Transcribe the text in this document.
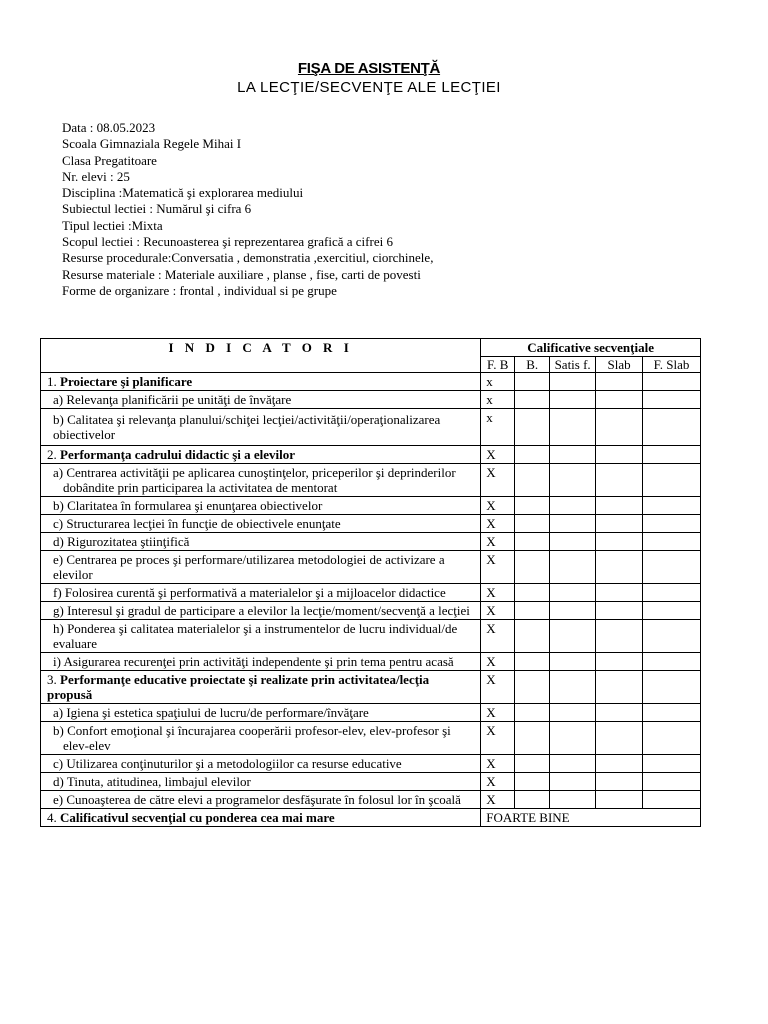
FIŞA DE ASISTENŢĂ
LA LECŢIE/SECVENŢE ALE LECŢIEI
Data : 08.05.2023
Scoala Gimnaziala Regele Mihai I
Clasa Pregatitoare
Nr. elevi : 25
Disciplina :Matematică şi explorarea mediului
Subiectul lectiei : Numărul şi cifra 6
Tipul lectiei :Mixta
Scopul lectiei : Recunoasterea şi reprezentarea grafică a cifrei 6
Resurse procedurale:Conversatia , demonstratia ,exercitiul, ciorchinele,
Resurse materiale : Materiale auxiliare , planse , fise, carti de povesti
Forme de organizare : frontal , individual si pe grupe
I N D I C A T O R I	Calificative secvenţiale				
	F. B	B.	Satis f.	Slab	F. Slab
1. Proiectare şi planificare	x				
a) Relevanţa planificării pe unităţi de învăţare	x				
b) Calitatea şi relevanţa planului/schiţei lecţiei/activităţii/operaţionalizarea obiectivelor	x				
2. Performanţa cadrului didactic şi a elevilor	X				
a) Centrarea activităţii pe aplicarea cunoştinţelor, priceperilor şi deprinderilor dobândite prin participarea la activitatea de mentorat	X				
b) Claritatea în formularea şi enunţarea obiectivelor	X				
c) Structurarea lecţiei în funcţie de obiectivele enunţate	X				
d) Rigurozitatea ştiinţifică	X				
e) Centrarea pe proces şi performare/utilizarea metodologiei de activizare a elevilor	X				
f) Folosirea curentă şi performativă a materialelor şi a mijloacelor didactice	X				
g) Interesul şi gradul de participare a elevilor la lecţie/moment/secvenţă a lecţiei	X				
h) Ponderea şi calitatea materialelor şi a instrumentelor de lucru individual/de evaluare	X				
i) Asigurarea recurenţei prin activităţi independente şi prin tema pentru acasă	X				
3. Performanţe educative proiectate şi realizate prin activitatea/lecţia propusă	X				
a) Igiena şi estetica spaţiului de lucru/de performare/învăţare	X				
b) Confort emoţional şi încurajarea cooperării profesor-elev, elev-profesor şi elev-elev	X				
c) Utilizarea conţinuturilor şi a metodologiilor ca resurse educative	X				
d) Tinuta, atitudinea, limbajul elevilor	X				
e) Cunoaşterea de către elevi a programelor desfăşurate în folosul lor în şcoală	X				
4. Calificativul secvenţial cu ponderea cea mai mare	FOARTE BINE				
